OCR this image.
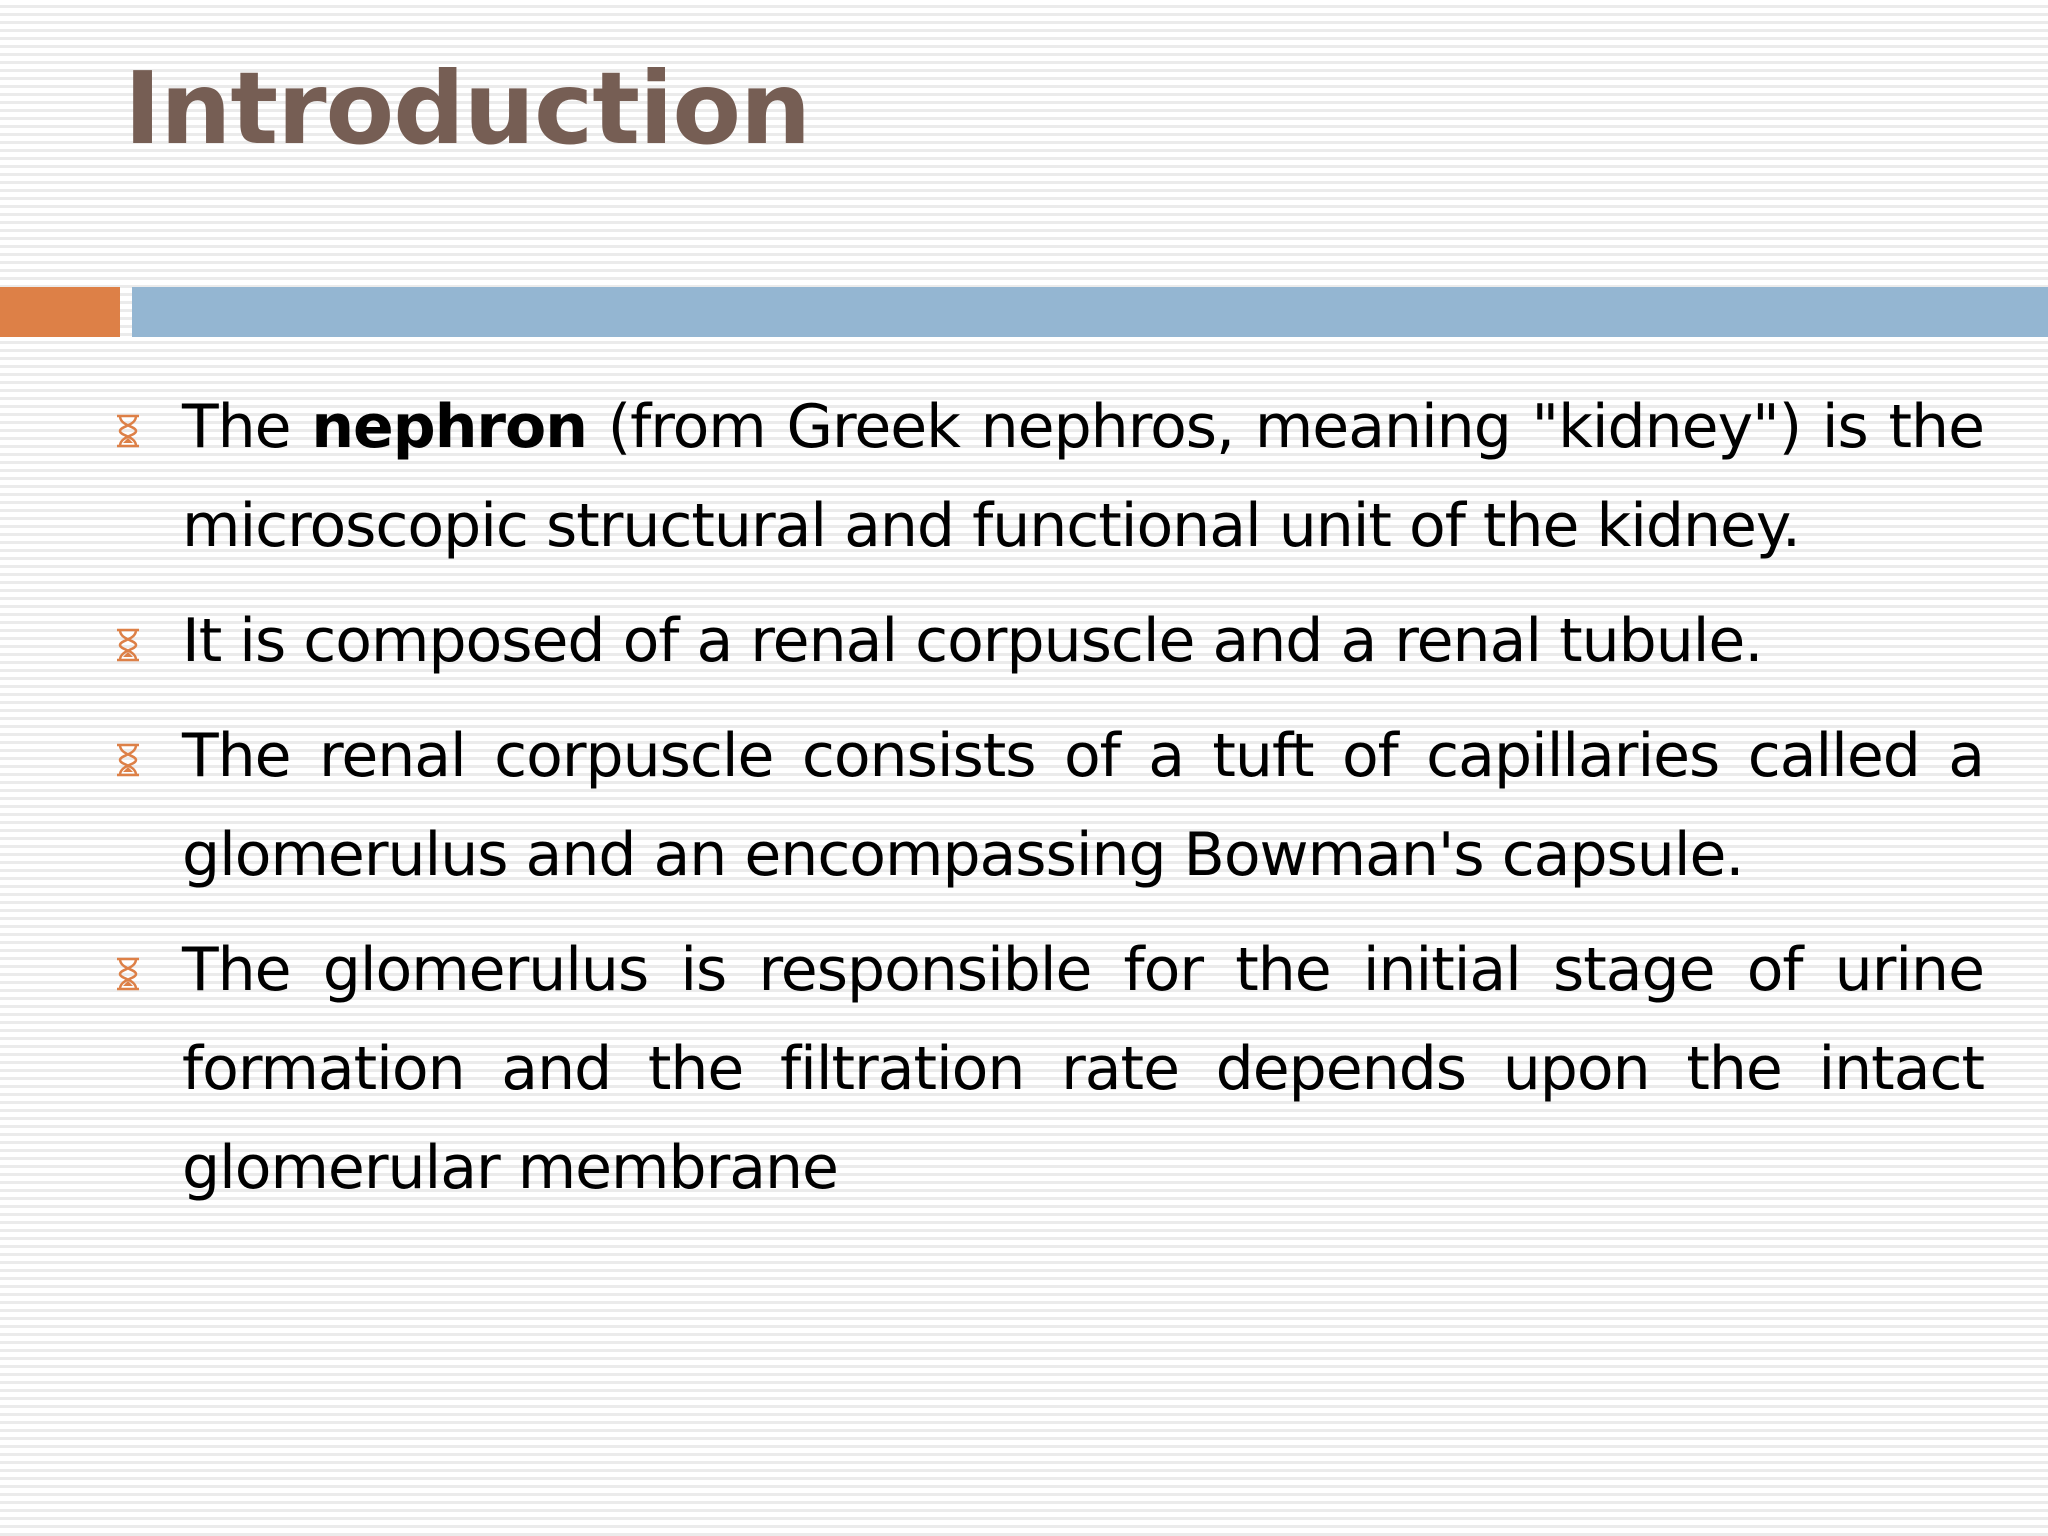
Introduction
The nephron (from Greek nephros, meaning "kidney") is the microscopic structural and functional unit of the kidney.
It is composed of a renal corpuscle and a renal tubule.
The renal corpuscle consists of a tuft of capillaries called a glomerulus and an encompassing Bowman's capsule.
The glomerulus is responsible for the initial stage of urine formation and the filtration rate depends upon the intact glomerular membrane
